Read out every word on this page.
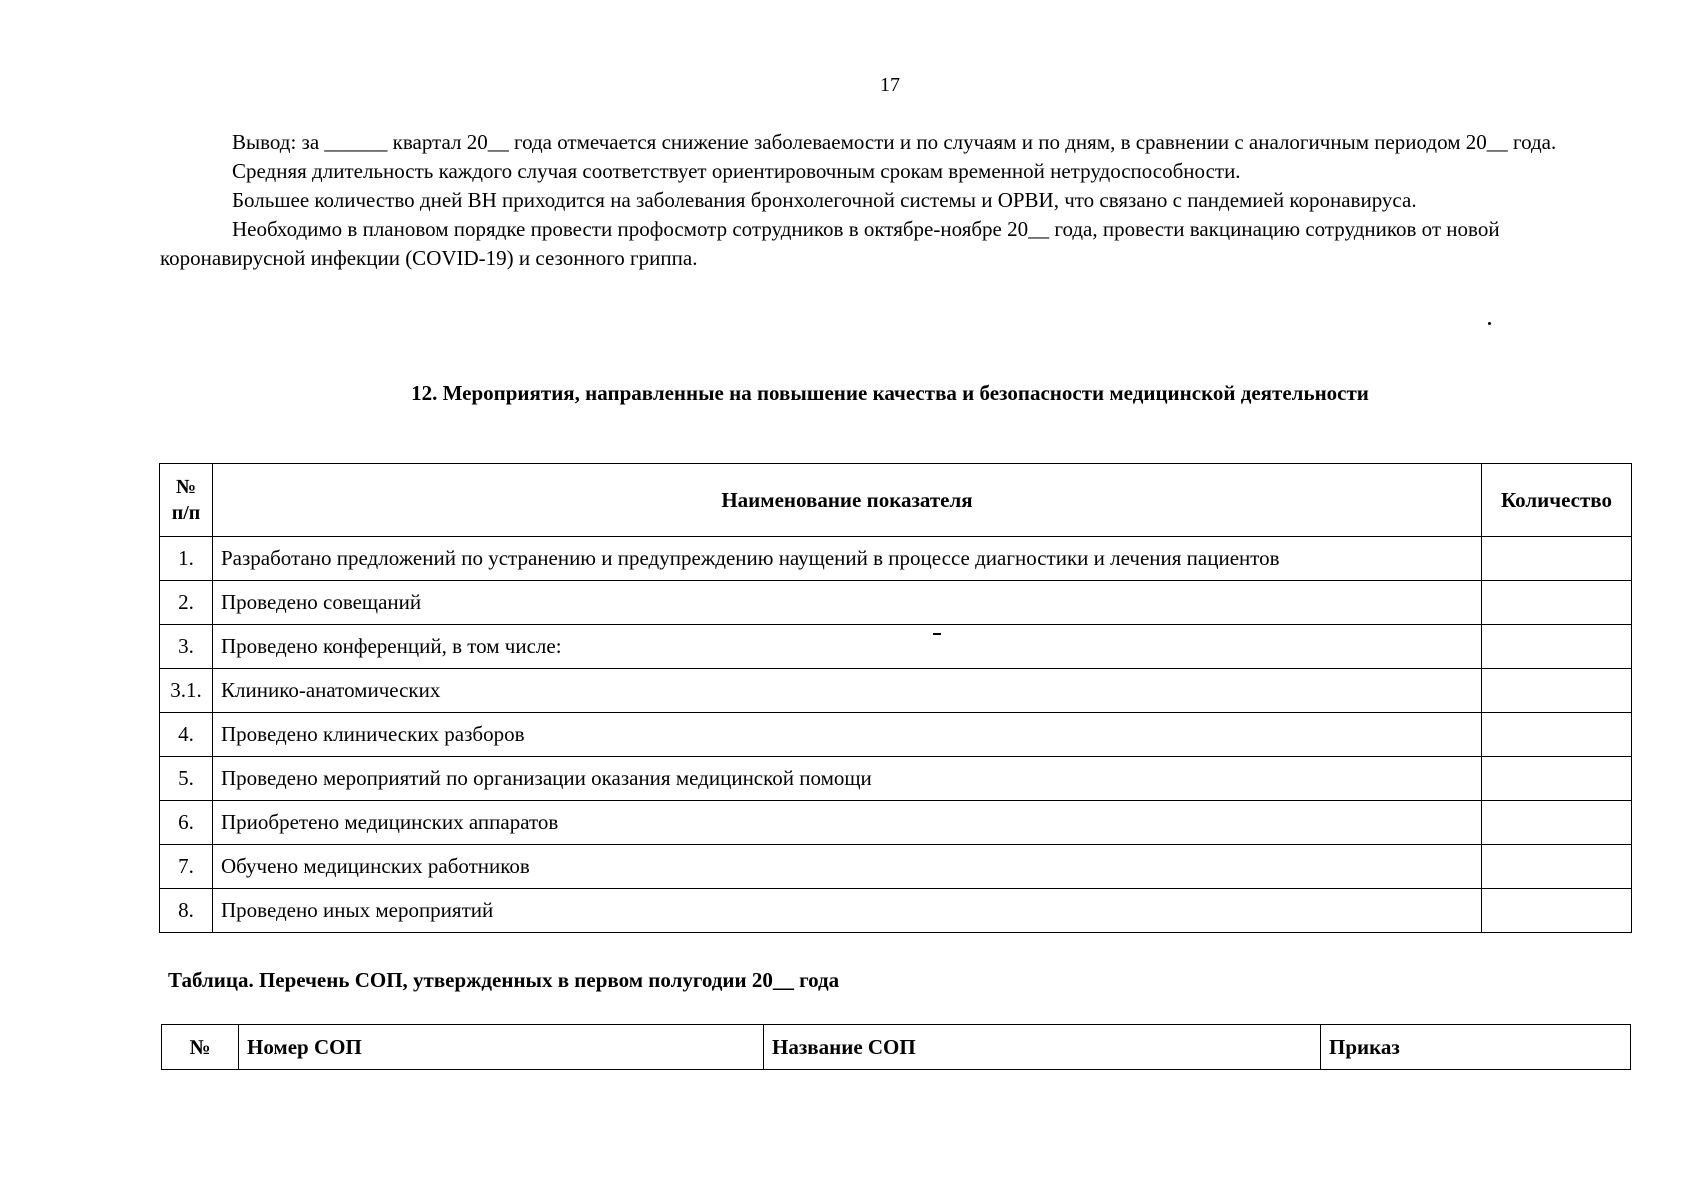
17

Вывод: за ______ квартал 20__ года отмечается снижение заболеваемости и по случаям и по дням, в сравнении с аналогичным периодом 20__ года.

Средняя длительность каждого случая соответствует ориентировочным срокам временной нетрудоспособности.

Большее количество дней ВН приходится на заболевания бронхолегочной системы и ОРВИ, что связано с пандемией коронавируса.

Необходимо в плановом порядке провести профосмотр сотрудников в октябре-ноябре 20__ года, провести вакцинацию сотрудников от новой коронавирусной инфекции (COVID-19) и сезонного гриппа.

12. Мероприятия, направленные на повышение качества и безопасности медицинской деятельности
№
п/п	Наименование показателя	Количество
1.	Разработано предложений по устранению и предупреждению наущений в процессе диагностики и лечения пациентов	
2.	Проведено совещаний	
3.	Проведено конференций, в том числе:	
3.1.	Клинико-анатомических	
4.	Проведено клинических разборов	
5.	Проведено мероприятий по организации оказания медицинской помощи	
6.	Приобретено медицинских аппаратов	
7.	Обучено медицинских работников	
8.	Проведено иных мероприятий	
Таблица. Перечень СОП, утвержденных в первом полугодии 20__ года
№	Номер СОП	Название СОП	Приказ
